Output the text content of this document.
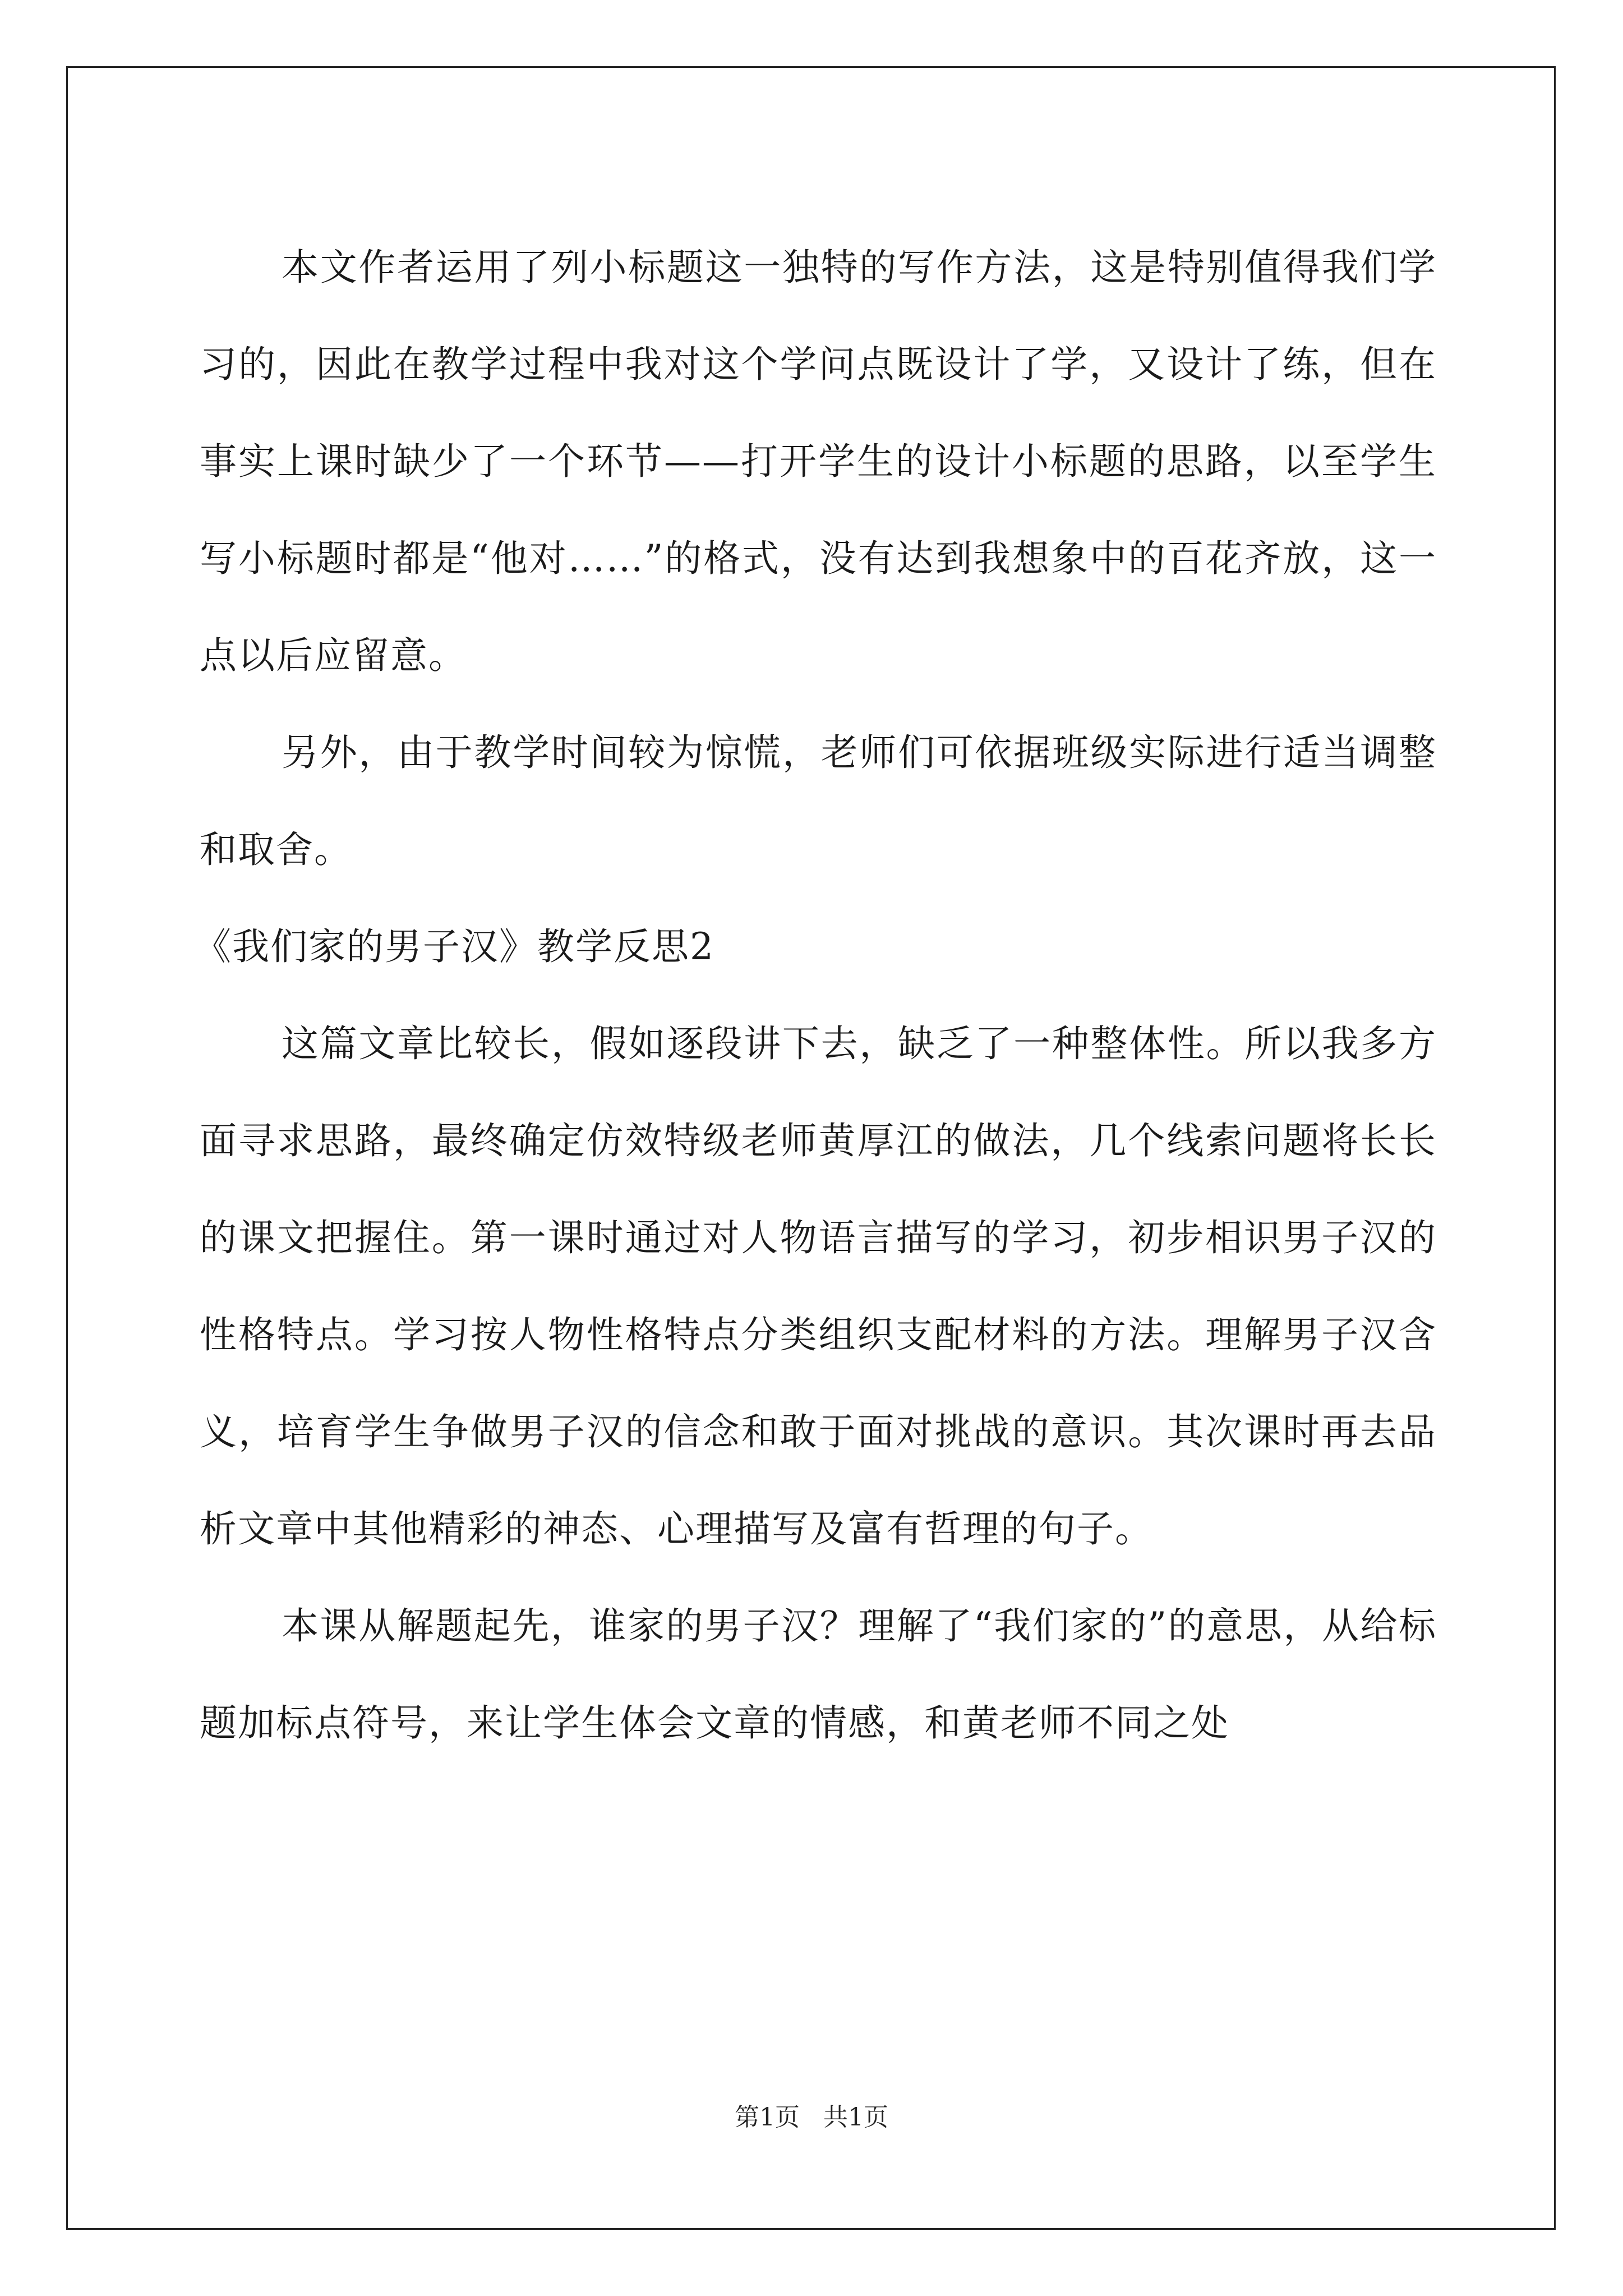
本文作者运用了列小标题这一独特的写作方法，这是特别值得我们学习的，因此在教学过程中我对这个学问点既设计了学，又设计了练，但在事实上课时缺少了一个环节——打开学生的设计小标题的思路，以至学生写小标题时都是“他对……”的格式，没有达到我想象中的百花齐放，这一点以后应留意。

另外，由于教学时间较为惊慌，老师们可依据班级实际进行适当调整和取舍。

《我们家的男子汉》教学反思2

这篇文章比较长，假如逐段讲下去，缺乏了一种整体性。所以我多方面寻求思路，最终确定仿效特级老师黄厚江的做法，几个线索问题将长长的课文把握住。第一课时通过对人物语言描写的学习，初步相识男子汉的性格特点。学习按人物性格特点分类组织支配材料的方法。理解男子汉含义，培育学生争做男子汉的信念和敢于面对挑战的意识。其次课时再去品析文章中其他精彩的神态、心理描写及富有哲理的句子。

本课从解题起先，谁家的男子汉？理解了“我们家的”的意思，从给标题加标点符号，来让学生体会文章的情感，和黄老师不同之处

第1页 共1页
